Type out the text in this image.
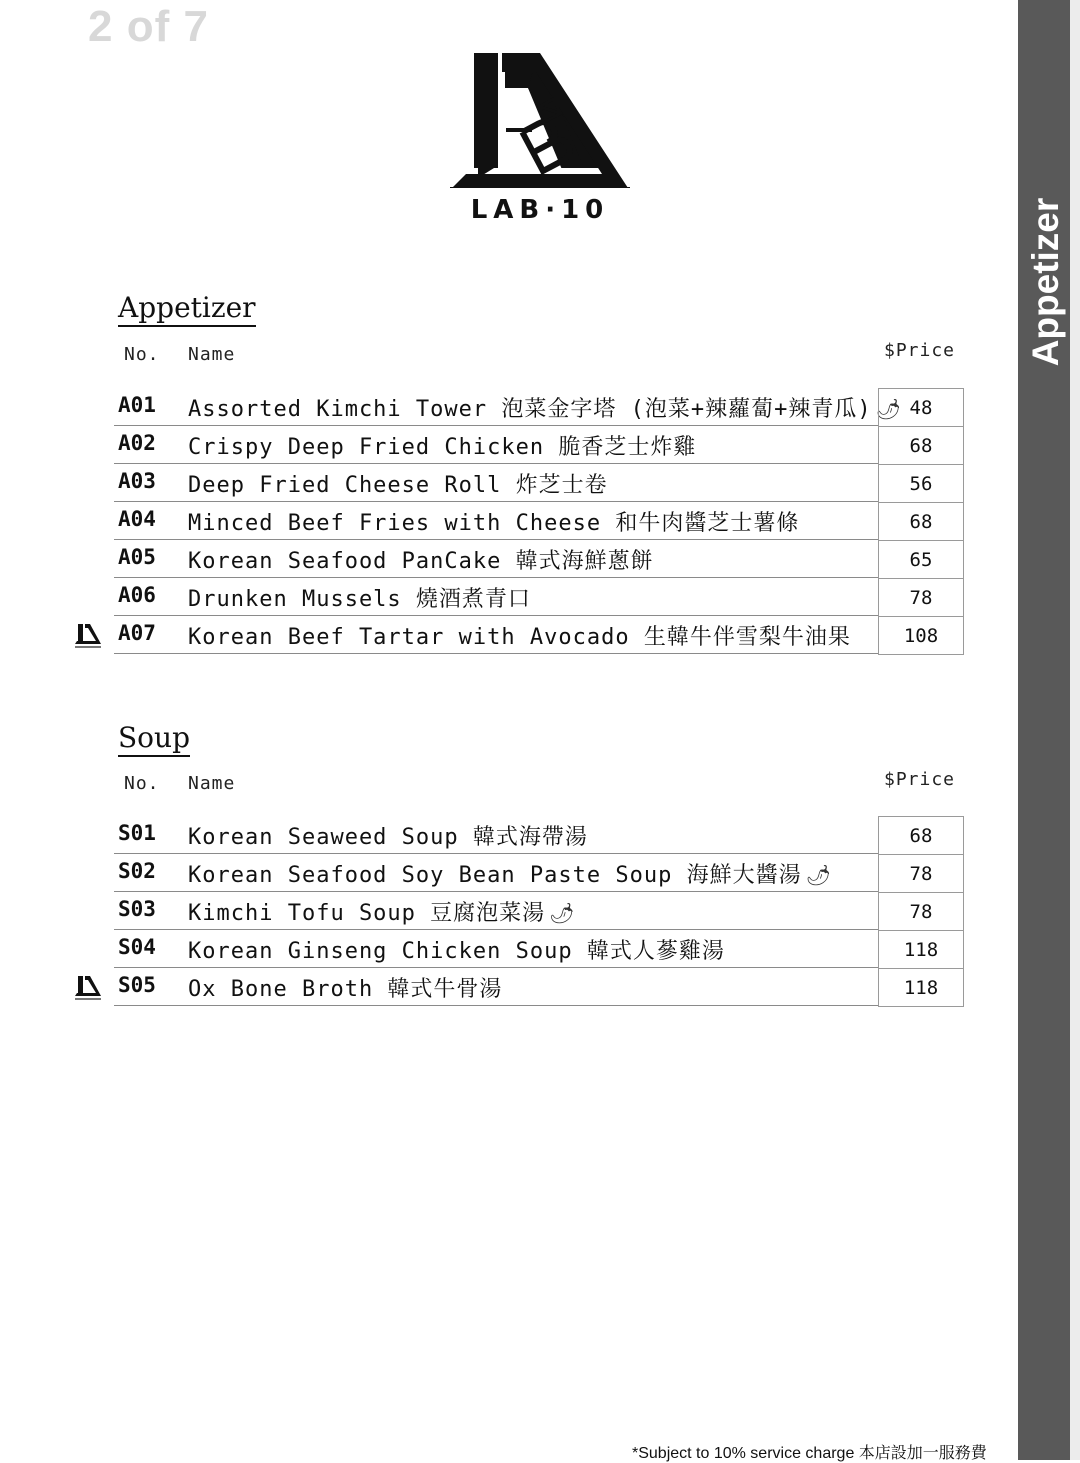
2 of 7
Appetizer
LAB·10
Appetizer
No. Name	$Price
A01 Assorted Kimchi Tower 泡菜金字塔 (泡菜+辣蘿蔔+辣青瓜) 🌶
A02 Crispy Deep Fried Chicken 脆香芝士炸雞
A03 Deep Fried Cheese Roll 炸芝士卷
A04 Minced Beef Fries with Cheese 和牛肉醬芝士薯條
A05 Korean Seafood PanCake 韓式海鮮蔥餅
A06 Drunken Mussels 燒酒煮青口
A07 Korean Beef Tartar with Avocado 生韓牛伴雪梨牛油果
48
68
56
68
65
78
108
Soup
No. Name	$Price
S01 Korean Seaweed Soup 韓式海帶湯
S02 Korean Seafood Soy Bean Paste Soup 海鮮大醬湯 🌶
S03 Kimchi Tofu Soup 豆腐泡菜湯 🌶
S04 Korean Ginseng Chicken Soup 韓式人蔘雞湯
S05 Ox Bone Broth 韓式牛骨湯
68
78
78
118
118
*Subject to 10% service charge 本店設加一服務費
